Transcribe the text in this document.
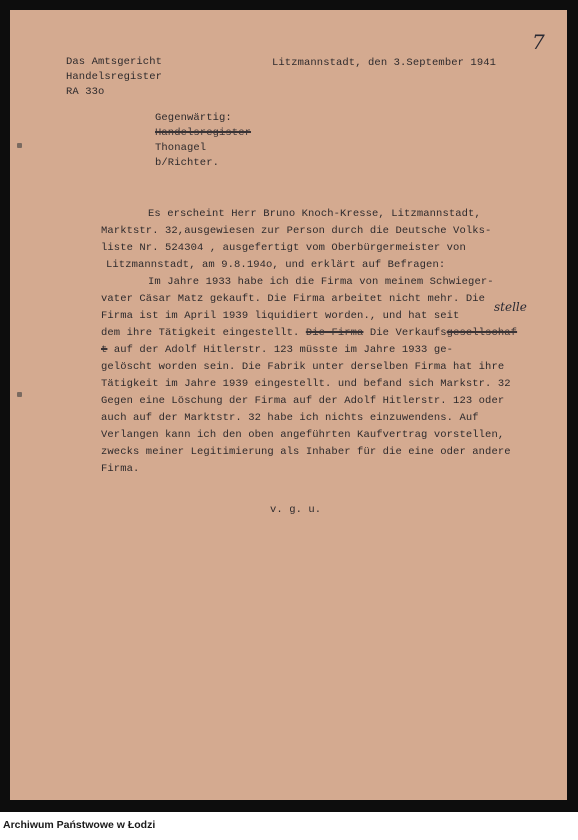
7
Das Amtsgericht
Handelsregister
RA 33o
Litzmannstadt, den 3.September 1941
Gegenwärtig:
Handelsregister
Thonagel
b/Richter.
Es erscheint Herr Bruno Knoch-Kresse, Litzmannstadt,
Marktstr. 32,ausgewiesen zur Person durch die Deutsche Volks-
liste Nr. 524304 , ausgefertigt vom Oberbürgermeister von
Litzmannstadt, am 9.8.194o, und erklärt auf Befragen:
Im Jahre 1933 habe ich die Firma von meinem Schwieger-
vater Cäsar Matz gekauft. Die Firma arbeitet nicht mehr. Die
Firma ist im April 1939 liquidiert worden., und hat seit
dem ihre Tätigkeit eingestellt. Die Firma Die Verkaufsgesellschaf
stelle
t auf der Adolf Hitlerstr. 123 müsste im Jahre 1933 ge-
gelöscht worden sein. Die Fabrik unter derselben Firma hat ihre
Tätigkeit im Jahre 1939 eingestellt. und befand sich Markstr. 32
Gegen eine Löschung der Firma auf der Adolf Hitlerstr. 123 oder
auch auf der Marktstr. 32 habe ich nichts einzuwendens. Auf
Verlangen kann ich den oben angeführten Kaufvertrag vorstellen,
zwecks meiner Legitimierung als Inhaber für die eine oder andere
Firma.
v. g. u.
Archiwum Państwowe w Łodzi
